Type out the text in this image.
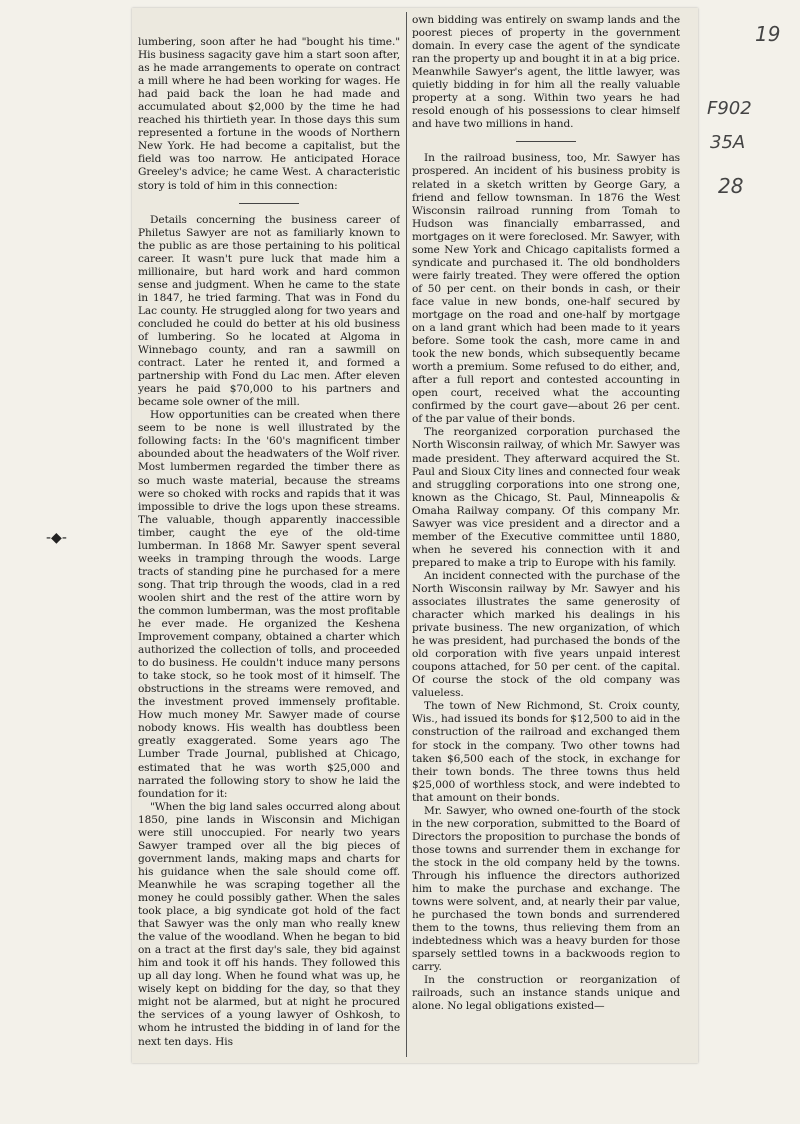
-◆-

lumbering, soon after he had "bought his time." His business sagacity gave him a start soon after, as he made arrangements to operate on contract a mill where he had been working for wages. He had paid back the loan he had made and accumulated about $2,000 by the time he had reached his thirtieth year. In those days this sum represented a fortune in the woods of Northern New York. He had become a capitalist, but the field was too narrow. He anticipated Horace Greeley's advice; he came West. A characteristic story is told of him in this connection:

Details concerning the business career of Philetus Sawyer are not as familiarly known to the public as are those pertaining to his political career. It wasn't pure luck that made him a millionaire, but hard work and hard common sense and judgment. When he came to the state in 1847, he tried farming. That was in Fond du Lac county. He struggled along for two years and concluded he could do better at his old business of lumbering. So he located at Algoma in Winnebago county, and ran a sawmill on contract. Later he rented it, and formed a partnership with Fond du Lac men. After eleven years he paid $70,000 to his partners and became sole owner of the mill.

How opportunities can be created when there seem to be none is well illustrated by the following facts: In the '60's magnificent timber abounded about the headwaters of the Wolf river. Most lumbermen regarded the timber there as so much waste material, because the streams were so choked with rocks and rapids that it was impossible to drive the logs upon these streams. The valuable, though apparently inaccessible timber, caught the eye of the old-time lumberman. In 1868 Mr. Sawyer spent several weeks in tramping through the woods. Large tracts of standing pine he purchased for a mere song. That trip through the woods, clad in a red woolen shirt and the rest of the attire worn by the common lumberman, was the most profitable he ever made. He organized the Keshena Improvement company, obtained a charter which authorized the collection of tolls, and proceeded to do business. He couldn't induce many persons to take stock, so he took most of it himself. The obstructions in the streams were removed, and the investment proved immensely profitable. How much money Mr. Sawyer made of course nobody knows. His wealth has doubtless been greatly exaggerated. Some years ago The Lumber Trade Journal, published at Chicago, estimated that he was worth $25,000 and narrated the following story to show he laid the foundation for it:

"When the big land sales occurred along about 1850, pine lands in Wisconsin and Michigan were still unoccupied. For nearly two years Sawyer tramped over all the big pieces of government lands, making maps and charts for his guidance when the sale should come off. Meanwhile he was scraping together all the money he could possibly gather. When the sales took place, a big syndicate got hold of the fact that Sawyer was the only man who really knew the value of the woodland. When he began to bid on a tract at the first day's sale, they bid against him and took it off his hands. They followed this up all day long. When he found what was up, he wisely kept on bidding for the day, so that they might not be alarmed, but at night he procured the services of a young lawyer of Oshkosh, to whom he intrusted the bidding in of land for the next ten days. His

own bidding was entirely on swamp lands and the poorest pieces of property in the government domain. In every case the agent of the syndicate ran the property up and bought it in at a big price. Meanwhile Sawyer's agent, the little lawyer, was quietly bidding in for him all the really valuable property at a song. Within two years he had resold enough of his possessions to clear himself and have two millions in hand.

In the railroad business, too, Mr. Sawyer has prospered. An incident of his business probity is related in a sketch written by George Gary, a friend and fellow townsman. In 1876 the West Wisconsin railroad running from Tomah to Hudson was financially embarrassed, and mortgages on it were foreclosed. Mr. Sawyer, with some New York and Chicago capitalists formed a syndicate and purchased it. The old bondholders were fairly treated. They were offered the option of 50 per cent. on their bonds in cash, or their face value in new bonds, one-half secured by mortgage on the road and one-half by mortgage on a land grant which had been made to it years before. Some took the cash, more came in and took the new bonds, which subsequently became worth a premium. Some refused to do either, and, after a full report and contested accounting in open court, received what the accounting confirmed by the court gave—about 26 per cent. of the par value of their bonds.

The reorganized corporation purchased the North Wisconsin railway, of which Mr. Sawyer was made president. They afterward acquired the St. Paul and Sioux City lines and connected four weak and struggling corporations into one strong one, known as the Chicago, St. Paul, Minneapolis & Omaha Railway company. Of this company Mr. Sawyer was vice president and a director and a member of the Executive committee until 1880, when he severed his connection with it and prepared to make a trip to Europe with his family.

An incident connected with the purchase of the North Wisconsin railway by Mr. Sawyer and his associates illustrates the same generosity of character which marked his dealings in his private business. The new organization, of which he was president, had purchased the bonds of the old corporation with five years unpaid interest coupons attached, for 50 per cent. of the capital. Of course the stock of the old company was valueless.

The town of New Richmond, St. Croix county, Wis., had issued its bonds for $12,500 to aid in the construction of the railroad and exchanged them for stock in the company. Two other towns had taken $6,500 each of the stock, in exchange for their town bonds. The three towns thus held $25,000 of worthless stock, and were indebted to that amount on their bonds.

Mr. Sawyer, who owned one-fourth of the stock in the new corporation, submitted to the Board of Directors the proposition to purchase the bonds of those towns and surrender them in exchange for the stock in the old company held by the towns. Through his influence the directors authorized him to make the purchase and exchange. The towns were solvent, and, at nearly their par value, he purchased the town bonds and surrendered them to the towns, thus relieving them from an indebtedness which was a heavy burden for those sparsely settled towns in a backwoods region to carry.

In the construction or reorganization of railroads, such an instance stands unique and alone. No legal obligations existed—

19
F902
35A
28
